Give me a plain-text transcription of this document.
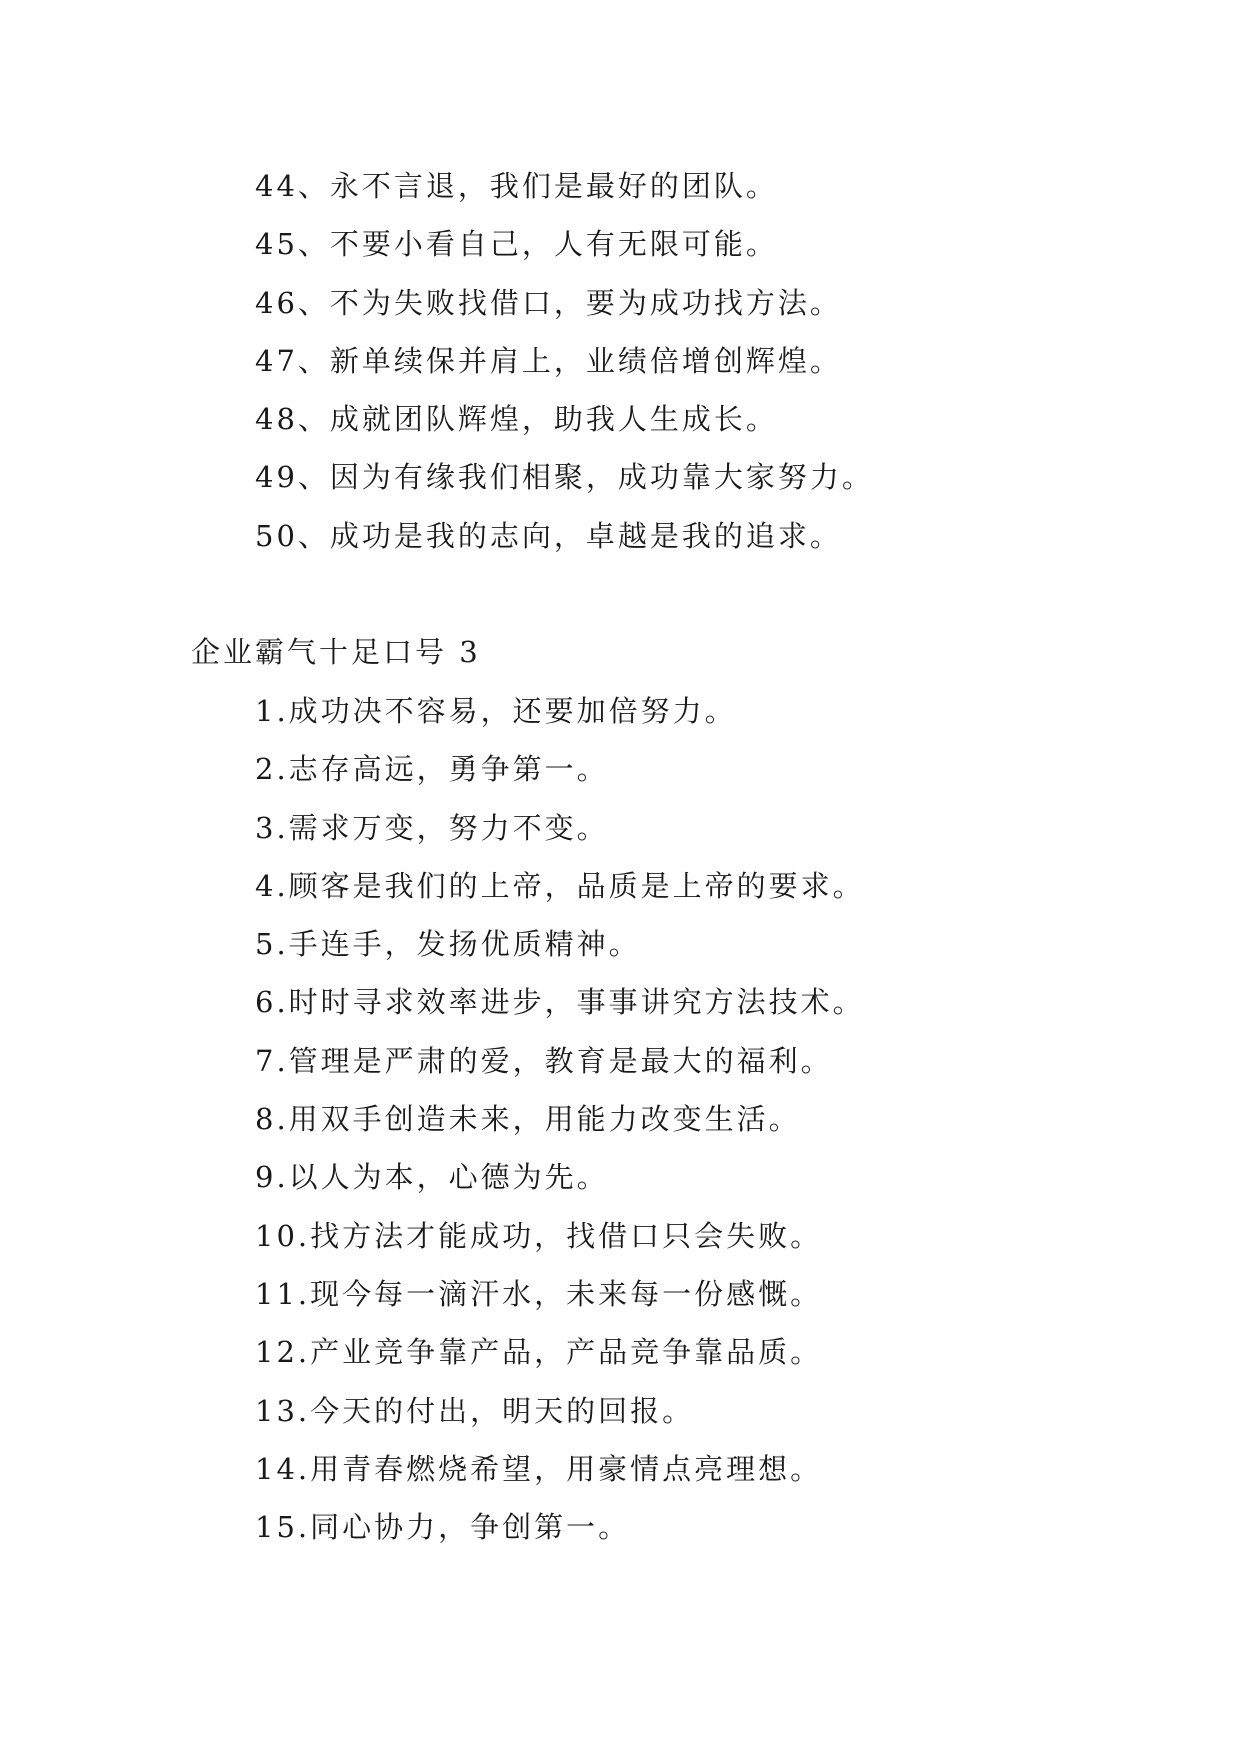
44、永不言退，我们是最好的团队。
45、不要小看自己，人有无限可能。
46、不为失败找借口，要为成功找方法。
47、新单续保并肩上，业绩倍增创辉煌。
48、成就团队辉煌，助我人生成长。
49、因为有缘我们相聚，成功靠大家努力。
50、成功是我的志向，卓越是我的追求。
企业霸气十足口号 3
1.成功决不容易，还要加倍努力。
2.志存高远，勇争第一。
3.需求万变，努力不变。
4.顾客是我们的上帝，品质是上帝的要求。
5.手连手，发扬优质精神。
6.时时寻求效率进步，事事讲究方法技术。
7.管理是严肃的爱，教育是最大的福利。
8.用双手创造未来，用能力改变生活。
9.以人为本，心德为先。
10.找方法才能成功，找借口只会失败。
11.现今每一滴汗水，未来每一份感慨。
12.产业竞争靠产品，产品竞争靠品质。
13.今天的付出，明天的回报。
14.用青春燃烧希望，用豪情点亮理想。
15.同心协力，争创第一。
